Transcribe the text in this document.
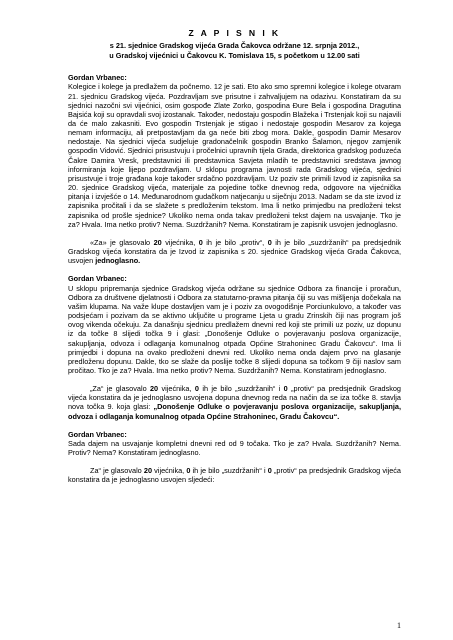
Z A P I S N I K

s 21. sjednice Gradskog vijeća Grada Čakovca održane 12. srpnja 2012.,

u Gradskoj vijećnici u Čakovcu K. Tomislava 15, s početkom u 12.00 sati

Gordan Vrbanec:

Kolegice i kolege ja predlažem da počnemo. 12 je sati. Eto ako smo spremni kolegice i kolege otvaram 21. sjednicu Gradskog vijeća. Pozdravljam sve prisutne i zahvaljujem na odazivu. Konstatiram da su sjednici nazočni svi vijećnici, osim gospođe Zlate Zorko, gospodina Đure Bela i gospodina Dragutina Bajsića koji su opravdali svoj izostanak. Također, nedostaju gospodin Blažeka i Trstenjak koji su najavili da će malo zakasniti. Evo gospodin Trstenjak je stigao i nedostaje gospodin Mesarov za kojega nemam informaciju, ali pretpostavljam da ga neće biti zbog mora. Dakle, gospodin Damir Mesarov nedostaje. Na sjednici vijeća sudjeluje gradonačelnik gospodin Branko Šalamon, njegov zamjenik gospodin Vidović. Sjednici prisustvuju i pročelnici upravnih tijela Grada, direktorica gradskog poduzeća Čakre Damira Vresk, predstavnici ili predstavnica Savjeta mladih te predstavnici sredstava javnog informiranja koje lijepo pozdravljam. U sklopu programa javnosti rada Gradskog vijeća, sjednici prisustvuje i troje građana koje također srdačno pozdravljam. Uz poziv ste primili Izvod iz zapisnika sa 20. sjednice Gradskog vijeća, materijale za pojedine točke dnevnog reda, odgovore na vijećnička pitanja i izvješće o 14. Međunarodnom gudačkom natjecanju u siječnju 2013. Nadam se da ste izvod iz zapisnika pročitali i da se slažete s predloženim tekstom. Ima li netko primjedbu na predloženi tekst zapisnika od prošle sjednice? Ukoliko nema onda takav predloženi tekst dajem na usvajanje. Tko je za? Hvala. Ima netko protiv? Nema. Suzdržanih? Nema. Konstatiram je zapisnik usvojen jednoglasno.

«Za» je glasovalo 20 vijećnika, 0 ih je bilo „protiv“, 0 ih je bilo „suzdržanih“ pa predsjednik Gradskog vijeća konstatira da je Izvod iz zapisnika s 20. sjednice Gradskog vijeća Grada Čakovca, usvojen jednoglasno.

Gordan Vrbanec:

U sklopu pripremanja sjednice Gradskog vijeća održane su sjednice Odbora za financije i proračun, Odbora za društvene djelatnosti i Odbora za statutarno-pravna pitanja čiji su vas mišljenja dočekala na vašim klupama. Na važe klupe dostavljen vam je i poziv za ovogodišnje Porciunkulovo, a također vas podsjećam i pozivam da se aktivno uključite u programe Ljeta u gradu Zrinskih čiji nas program još ovog vikenda očekuju. Za današnju sjednicu predlažem dnevni red koji ste primili uz poziv, uz dopunu iz da točke 8 slijedi točka 9 i glasi: „Donošenje Odluke o povjeravanju poslova organizacije, sakupljanja, odvoza i odlaganja komunalnog otpada Općine Strahoninec Gradu Čakovcu“. Ima li primjedbi i dopuna na ovako predloženi dnevni red. Ukoliko nema onda dajem prvo na glasanje predloženu dopunu. Dakle, tko se slaže da poslije točke 8 slijedi dopuna sa točkom 9 čiji naslov sam pročitao. Tko je za? Hvala. Ima netko protiv? Nema. Suzdržanih? Nema. Konstatiram jednoglasno.

„Za“ je glasovalo 20 vijećnika, 0 ih je bilo „suzdržanih“ i 0 „protiv“ pa predsjednik Gradskog vijeća konstatira da je jednoglasno usvojena dopuna dnevnog reda na način da se iza točke 8. stavlja nova točka 9. koja glasi: „Donošenje Odluke o povjeravanju poslova organizacije, sakupljanja, odvoza i odlaganja komunalnog otpada Općine Strahoninec, Gradu Čakovcu“.

Gordan Vrbanec:

Sada dajem na usvajanje kompletni dnevni red od 9 točaka. Tko je za? Hvala. Suzdržanih? Nema. Protiv? Nema? Konstatiram jednoglasno.

Za“ je glasovalo 20 vijećnika, 0 ih je bilo „suzdržanih“ i 0 „protiv“ pa predsjednik Gradskog vijeća konstatira da je jednoglasno usvojen sljedeći:

1
